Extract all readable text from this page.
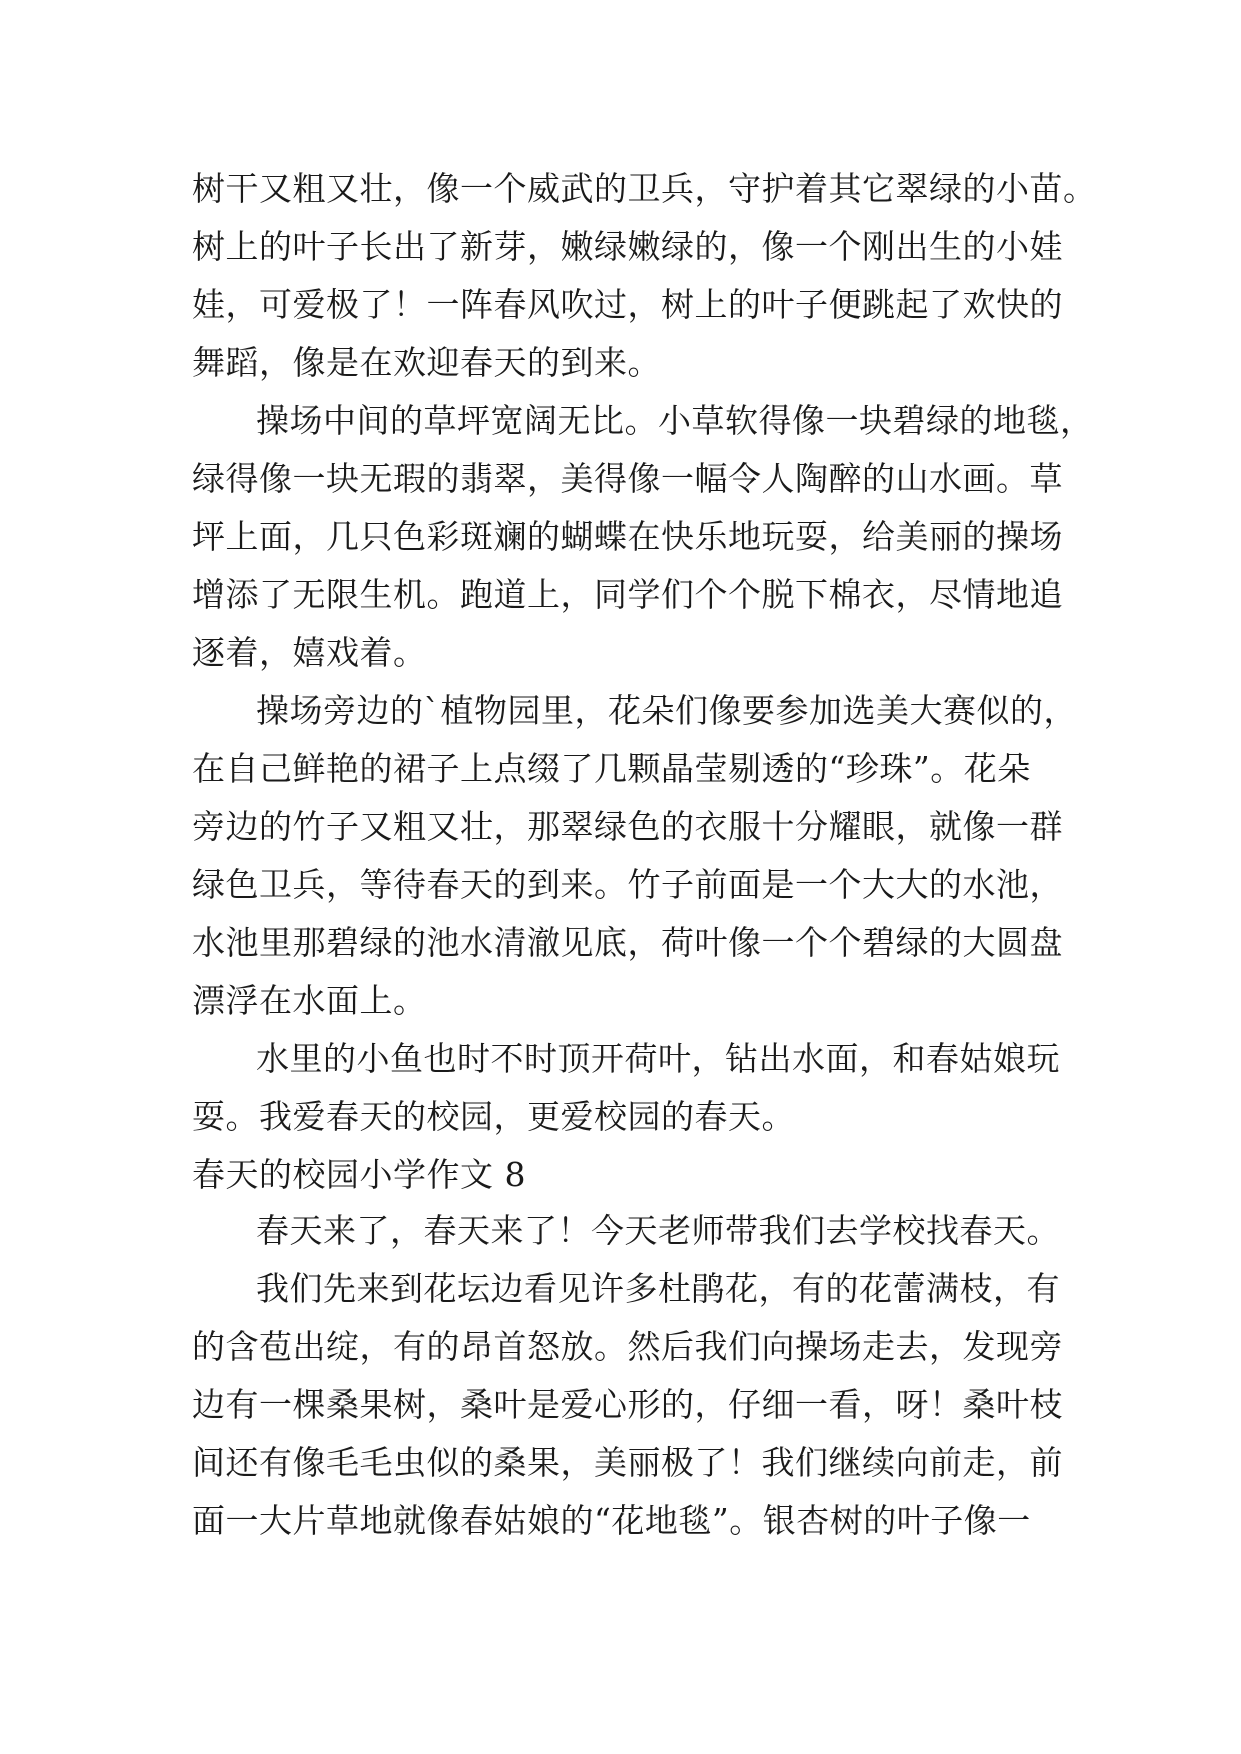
树干又粗又壮，像一个威武的卫兵，守护着其它翠绿的小苗。
树上的叶子长出了新芽，嫩绿嫩绿的，像一个刚出生的小娃
娃，可爱极了！一阵春风吹过，树上的叶子便跳起了欢快的
舞蹈，像是在欢迎春天的到来。
操场中间的草坪宽阔无比。小草软得像一块碧绿的地毯，
绿得像一块无瑕的翡翠，美得像一幅令人陶醉的山水画。草
坪上面，几只色彩斑斓的蝴蝶在快乐地玩耍，给美丽的操场
增添了无限生机。跑道上，同学们个个脱下棉衣，尽情地追
逐着，嬉戏着。
操场旁边的`植物园里，花朵们像要参加选美大赛似的，
在自己鲜艳的裙子上点缀了几颗晶莹剔透的“珍珠”。花朵
旁边的竹子又粗又壮，那翠绿色的衣服十分耀眼，就像一群
绿色卫兵，等待春天的到来。竹子前面是一个大大的水池，
水池里那碧绿的池水清澈见底，荷叶像一个个碧绿的大圆盘
漂浮在水面上。
水里的小鱼也时不时顶开荷叶，钻出水面，和春姑娘玩
耍。我爱春天的校园，更爱校园的春天。
春天的校园小学作文 8
春天来了，春天来了！今天老师带我们去学校找春天。
我们先来到花坛边看见许多杜鹃花，有的花蕾满枝，有
的含苞出绽，有的昂首怒放。然后我们向操场走去，发现旁
边有一棵桑果树，桑叶是爱心形的，仔细一看，呀！桑叶枝
间还有像毛毛虫似的桑果，美丽极了！我们继续向前走，前
面一大片草地就像春姑娘的“花地毯”。银杏树的叶子像一
